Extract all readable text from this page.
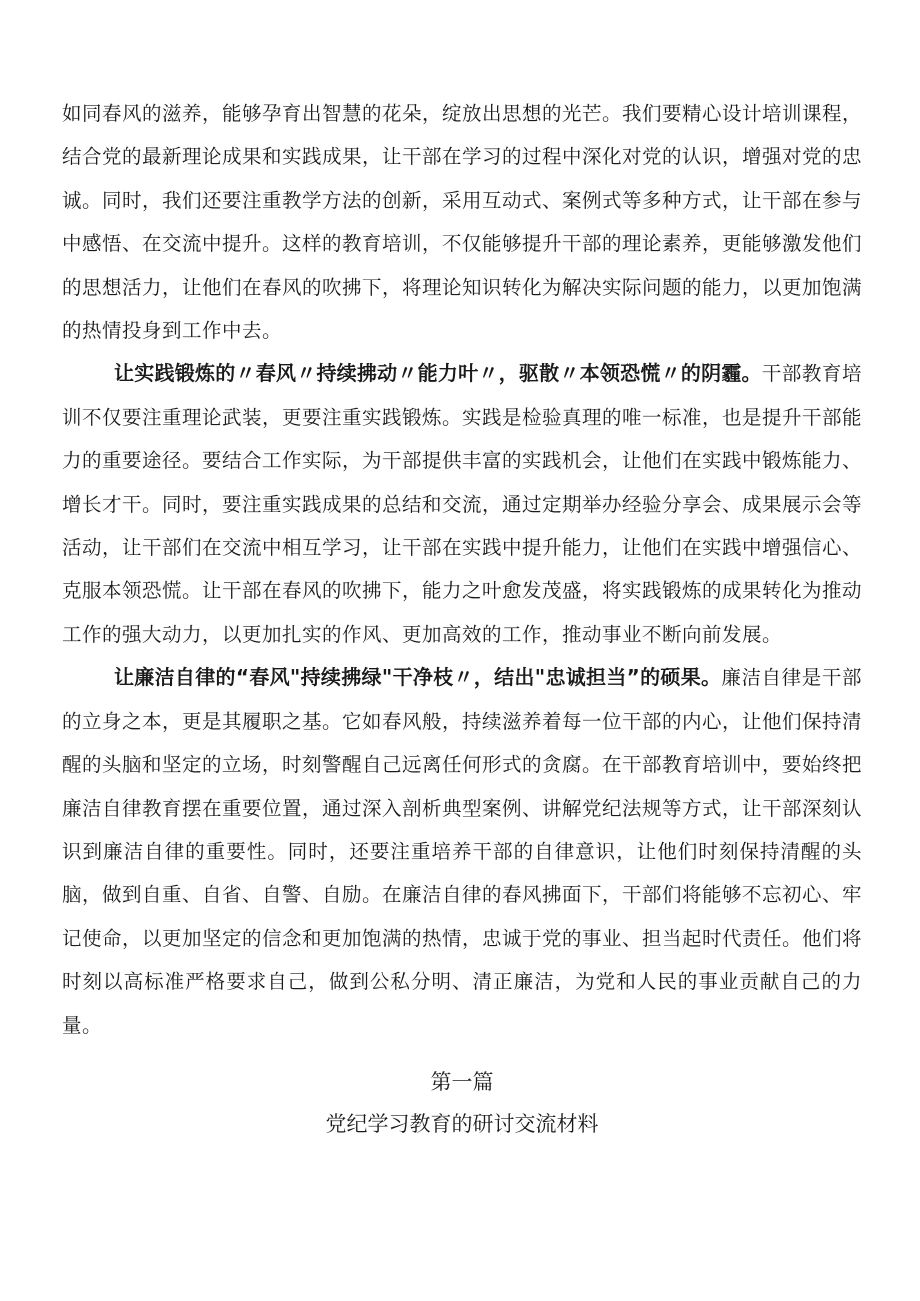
如同春风的滋养，能够孕育出智慧的花朵，绽放出思想的光芒。我们要精心设计培训课程，结合党的最新理论成果和实践成果，让干部在学习的过程中深化对党的认识，增强对党的忠诚。同时，我们还要注重教学方法的创新，采用互动式、案例式等多种方式，让干部在参与中感悟、在交流中提升。这样的教育培训，不仅能够提升干部的理论素养，更能够激发他们的思想活力，让他们在春风的吹拂下，将理论知识转化为解决实际问题的能力，以更加饱满的热情投身到工作中去。

让实践锻炼的〃春风〃持续拂动〃能力叶〃，驱散〃本领恐慌〃的阴霾。干部教育培训不仅要注重理论武装，更要注重实践锻炼。实践是检验真理的唯一标准，也是提升干部能力的重要途径。要结合工作实际，为干部提供丰富的实践机会，让他们在实践中锻炼能力、增长才干。同时，要注重实践成果的总结和交流，通过定期举办经验分享会、成果展示会等活动，让干部们在交流中相互学习，让干部在实践中提升能力，让他们在实践中增强信心、克服本领恐慌。让干部在春风的吹拂下，能力之叶愈发茂盛，将实践锻炼的成果转化为推动工作的强大动力，以更加扎实的作风、更加高效的工作，推动事业不断向前发展。

让廉洁自律的“春风"持续拂绿"干净枝〃，结出"忠诚担当”的硕果。廉洁自律是干部的立身之本，更是其履职之基。它如春风般，持续滋养着每一位干部的内心，让他们保持清醒的头脑和坚定的立场，时刻警醒自己远离任何形式的贪腐。在干部教育培训中，要始终把廉洁自律教育摆在重要位置，通过深入剖析典型案例、讲解党纪法规等方式，让干部深刻认识到廉洁自律的重要性。同时，还要注重培养干部的自律意识，让他们时刻保持清醒的头脑，做到自重、自省、自警、自励。在廉洁自律的春风拂面下，干部们将能够不忘初心、牢记使命，以更加坚定的信念和更加饱满的热情，忠诚于党的事业、担当起时代责任。他们将时刻以高标准严格要求自己，做到公私分明、清正廉洁，为党和人民的事业贡献自己的力量。

第一篇

党纪学习教育的研讨交流材料
